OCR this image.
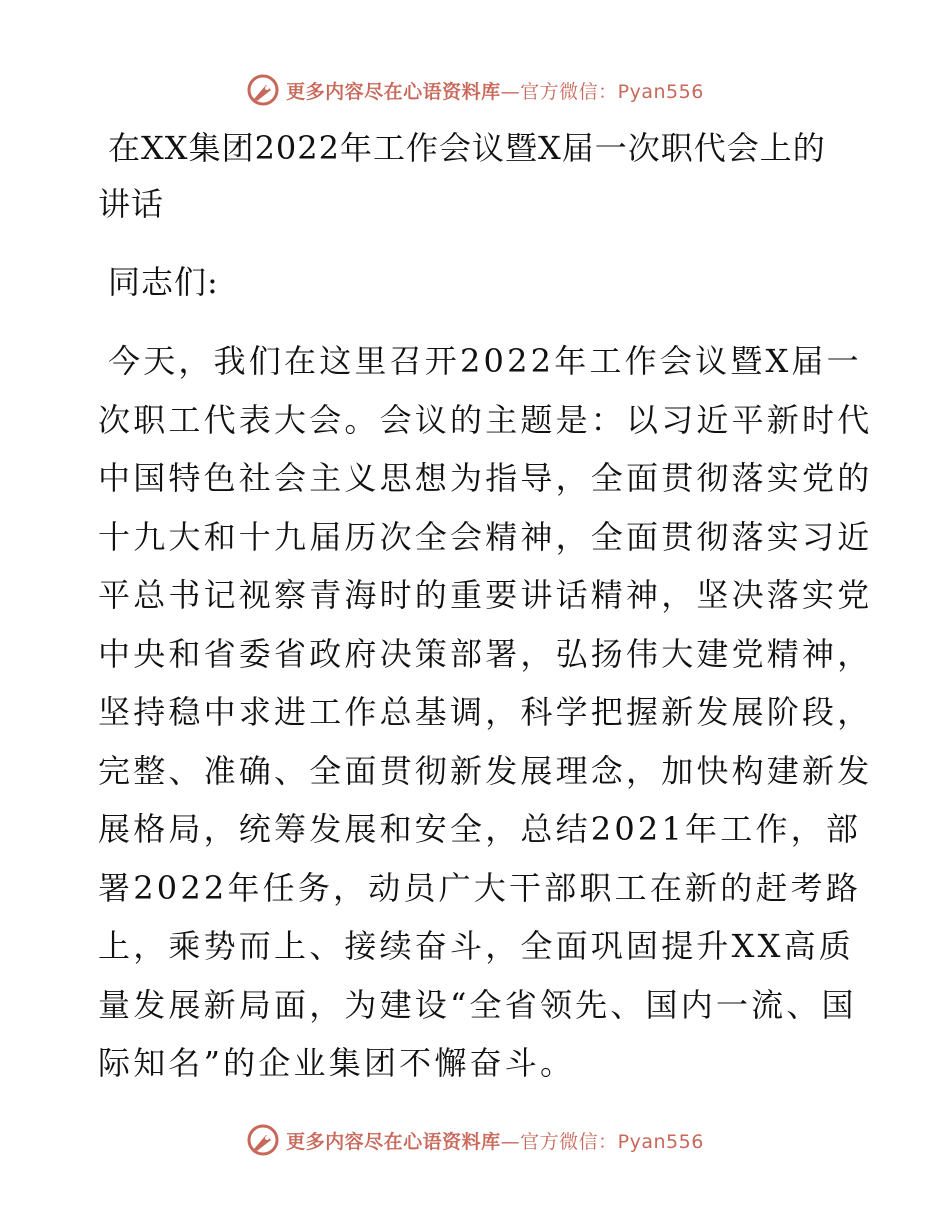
更多内容尽在心语资料库—官方微信：Pyan556
在XX集团2022年工作会议暨X届一次职代会上的
讲话

同志们:

今天，我们在这里召开2022年工作会议暨X届一
次职工代表大会。会议的主题是：以习近平新时代
中国特色社会主义思想为指导，全面贯彻落实党的
十九大和十九届历次全会精神，全面贯彻落实习近
平总书记视察青海时的重要讲话精神，坚决落实党
中央和省委省政府决策部署，弘扬伟大建党精神，
坚持稳中求进工作总基调，科学把握新发展阶段，
完整、准确、全面贯彻新发展理念，加快构建新发
展格局，统筹发展和安全，总结2021年工作，部
署2022年任务，动员广大干部职工在新的赶考路
上，乘势而上、接续奋斗，全面巩固提升XX高质
量发展新局面，为建设“全省领先、国内一流、国
际知名”的企业集团不懈奋斗。
更多内容尽在心语资料库—官方微信：Pyan556
